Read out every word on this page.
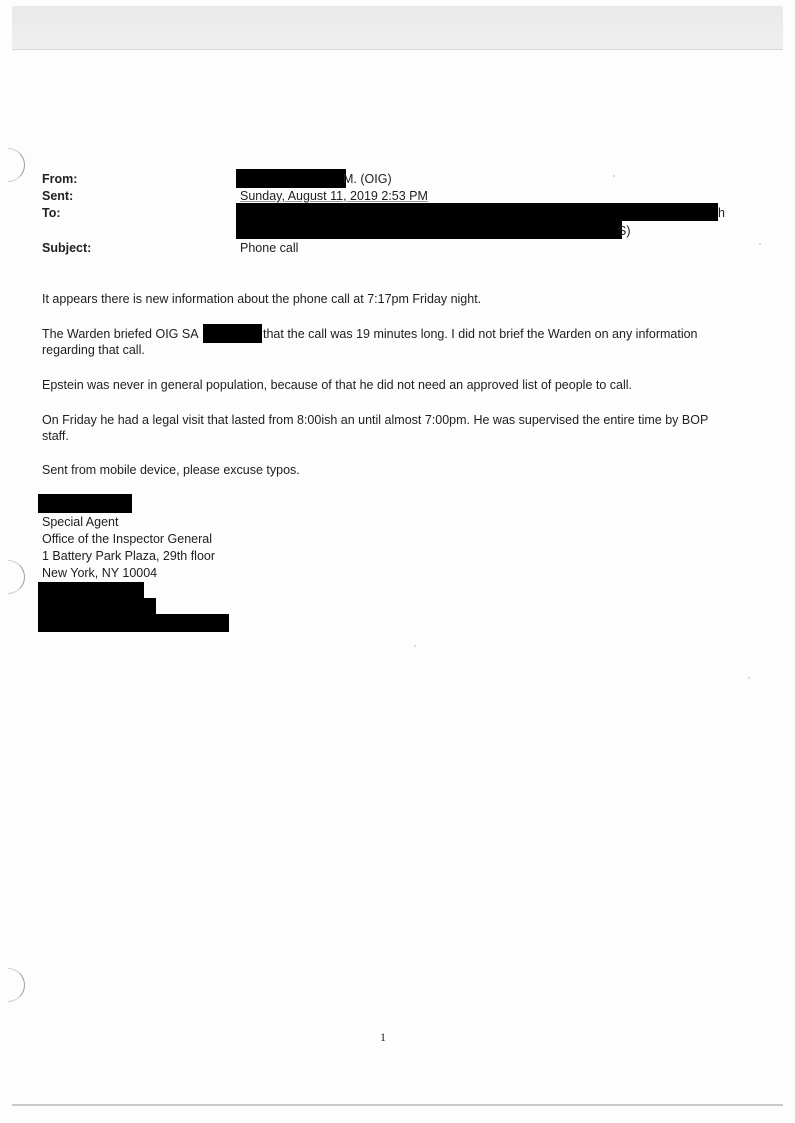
From:
Sent:
To:
Subject:
M. (OIG)
Sunday, August 11, 2019 2:53 PM
h
S)
Phone call
It appears there is new information about the phone call at 7:17pm Friday night.
The Warden briefed OIG SA	that the call was 19 minutes long. I did not brief the Warden on any information
regarding that call.
Epstein was never in general population, because of that he did not need an approved list of people to call.
On Friday he had a legal visit that lasted from 8:00ish an until almost 7:00pm. He was supervised the entire time by BOP
staff.
Sent from mobile device, please excuse typos.
Special Agent
Office of the Inspector General
1 Battery Park Plaza, 29th floor
New York, NY 10004
1
